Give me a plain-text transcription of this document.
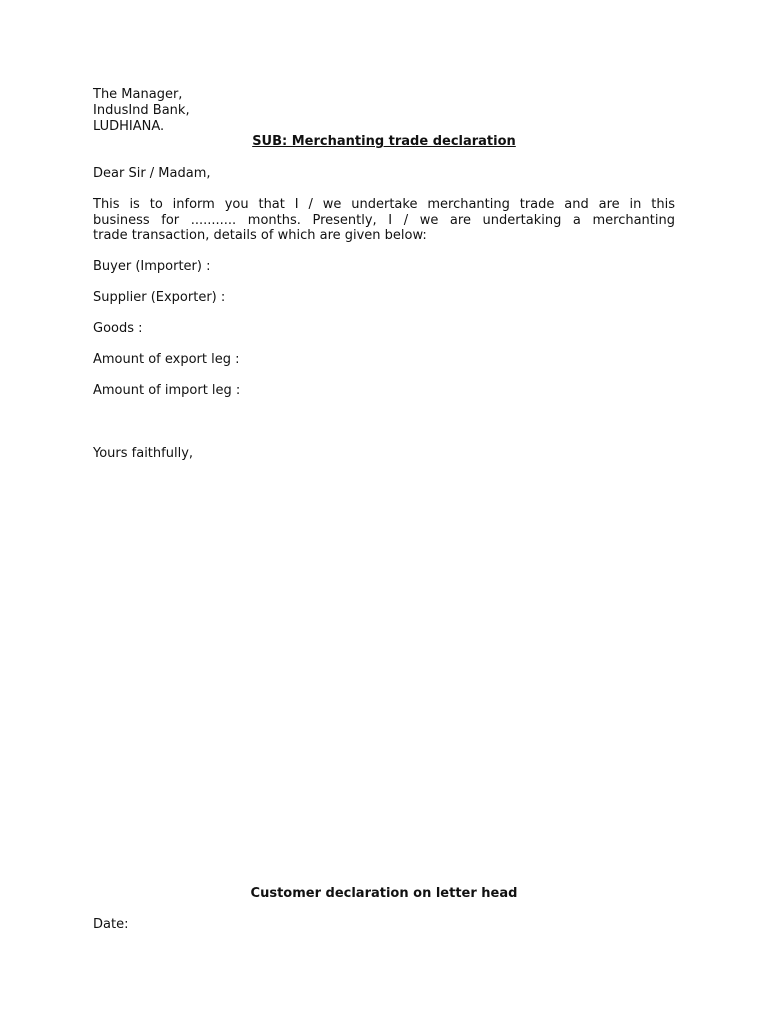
The Manager,
IndusInd Bank,
LUDHIANA.
SUB: Merchanting trade declaration
Dear Sir / Madam,
This is to inform you that I / we undertake merchanting trade and are in this
business for ........... months. Presently, I / we are undertaking a merchanting
trade transaction, details of which are given below:
Buyer (Importer) :
Supplier (Exporter) :
Goods :
Amount of export leg :
Amount of import leg :
Yours faithfully,
Customer declaration on letter head
Date:
